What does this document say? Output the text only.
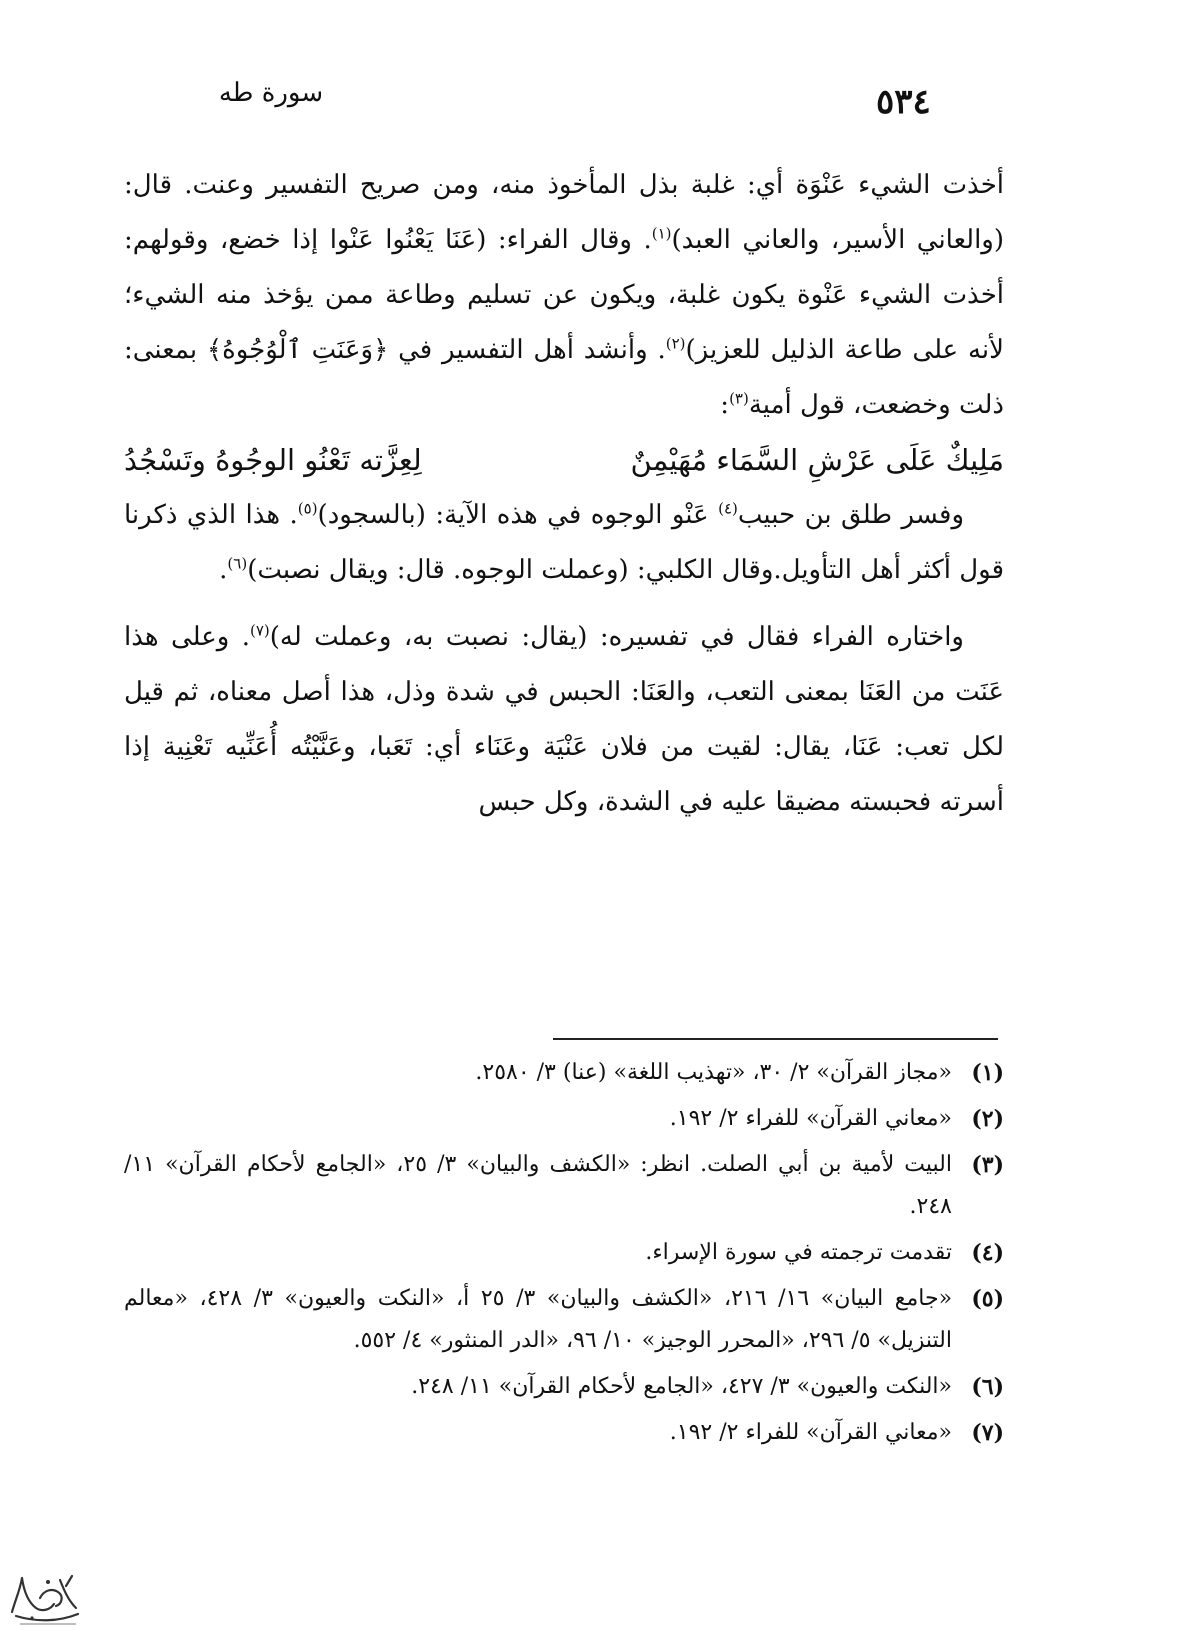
٥٣٤
سورة طه

أخذت الشيء عَنْوَة أي: غلبة بذل المأخوذ منه، ومن صريح التفسير وعنت. قال: (والعاني الأسير، والعاني العبد)$^{(١)}$. وقال الفراء: (عَنَا يَعْنُوا عَنْوا إذا خضع، وقولهم: أخذت الشيء عَنْوة يكون غلبة، ويكون عن تسليم وطاعة ممن يؤخذ منه الشيء؛ لأنه على طاعة الذليل للعزيز)$^{(٢)}$. وأنشد أهل التفسير في ﴿وَعَنَتِ ٱلْوُجُوهُ﴾ بمعنى: ذلت وخضعت، قول أمية$^{(٣)}$:

مَلِيكٌ عَلَى عَرْشِ السَّمَاء مُهَيْمِنٌ
لِعِزَّته تَعْنُو الوجُوهُ وتَسْجُدُ

وفسر طلق بن حبيب$^{(٤)}$ عَنْو الوجوه في هذه الآية: (بالسجود)$^{(٥)}$. هذا الذي ذكرنا قول أكثر أهل التأويل.وقال الكلبي: (وعملت الوجوه. قال: ويقال نصبت)$^{(٦)}$.

واختاره الفراء فقال في تفسيره: (يقال: نصبت به، وعملت له)$^{(٧)}$. وعلى هذا عَنَت من العَنَا بمعنى التعب، والعَنَا: الحبس في شدة وذل، هذا أصل معناه، ثم قيل لكل تعب: عَنَا، يقال: لقيت من فلان عَنْيَة وعَنَاء أي: تَعَبا، وعَنَّيْتُه أُعَنِّيه تَعْنِية إذا أسرته فحبسته مضيقا عليه في الشدة، وكل حبس

(١)
«مجاز القرآن» ٢/ ٣٠، «تهذيب اللغة» (عنا) ٣/ ٢٥٨٠.
(٢)
«معاني القرآن» للفراء ٢/ ١٩٢.
(٣)
البيت لأمية بن أبي الصلت. انظر: «الكشف والبيان» ٣/ ٢٥، «الجامع لأحكام القرآن» ١١/ ٢٤٨.
(٤)
تقدمت ترجمته في سورة الإسراء.
(٥)
«جامع البيان» ١٦/ ٢١٦، «الكشف والبيان» ٣/ ٢٥ أ، «النكت والعيون» ٣/ ٤٢٨، «معالم التنزيل» ٥/ ٢٩٦، «المحرر الوجيز» ١٠/ ٩٦، «الدر المنثور» ٤/ ٥٥٢.
(٦)
«النكت والعيون» ٣/ ٤٢٧، «الجامع لأحكام القرآن» ١١/ ٢٤٨.
(٧)
«معاني القرآن» للفراء ٢/ ١٩٢.
